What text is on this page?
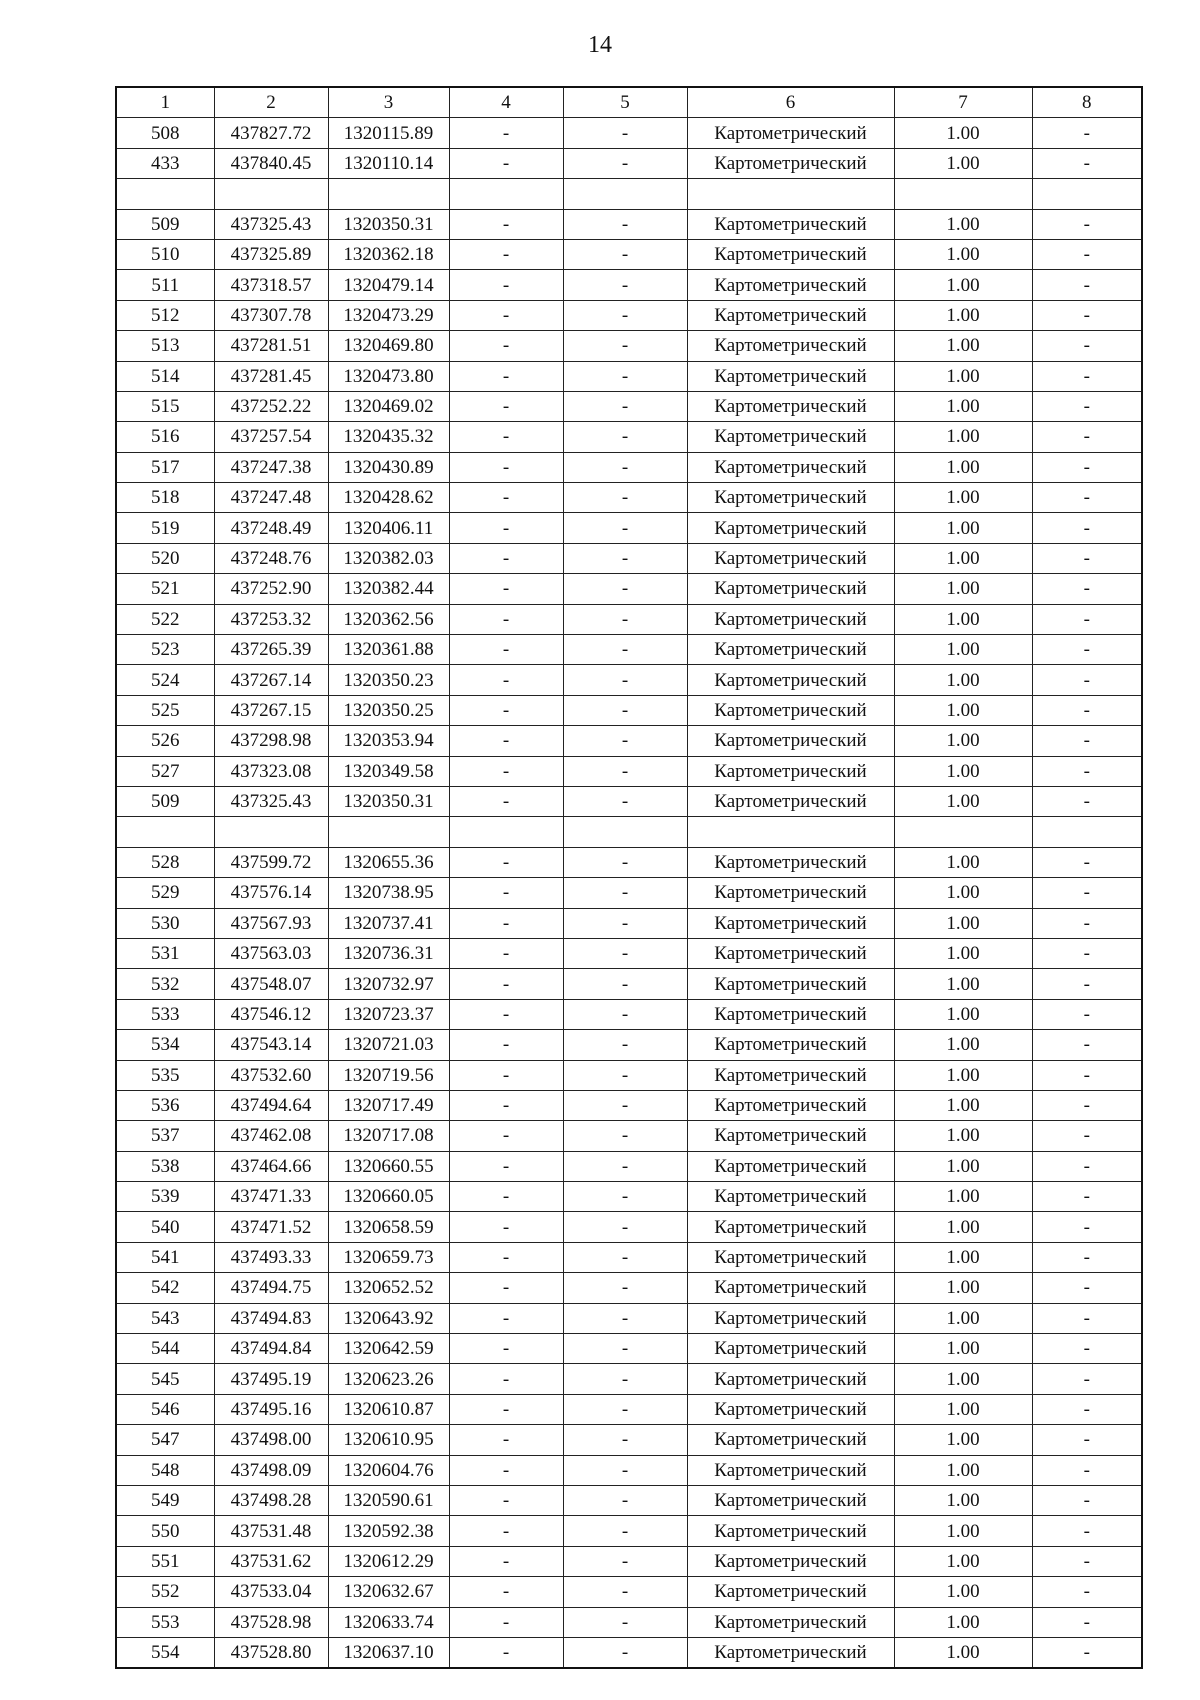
14
1	2	3	4	5	6	7	8
508	437827.72	1320115.89	-	-	Картометрический	1.00	-
433	437840.45	1320110.14	-	-	Картометрический	1.00	-

509	437325.43	1320350.31	-	-	Картометрический	1.00	-
510	437325.89	1320362.18	-	-	Картометрический	1.00	-
511	437318.57	1320479.14	-	-	Картометрический	1.00	-
512	437307.78	1320473.29	-	-	Картометрический	1.00	-
513	437281.51	1320469.80	-	-	Картометрический	1.00	-
514	437281.45	1320473.80	-	-	Картометрический	1.00	-
515	437252.22	1320469.02	-	-	Картометрический	1.00	-
516	437257.54	1320435.32	-	-	Картометрический	1.00	-
517	437247.38	1320430.89	-	-	Картометрический	1.00	-
518	437247.48	1320428.62	-	-	Картометрический	1.00	-
519	437248.49	1320406.11	-	-	Картометрический	1.00	-
520	437248.76	1320382.03	-	-	Картометрический	1.00	-
521	437252.90	1320382.44	-	-	Картометрический	1.00	-
522	437253.32	1320362.56	-	-	Картометрический	1.00	-
523	437265.39	1320361.88	-	-	Картометрический	1.00	-
524	437267.14	1320350.23	-	-	Картометрический	1.00	-
525	437267.15	1320350.25	-	-	Картометрический	1.00	-
526	437298.98	1320353.94	-	-	Картометрический	1.00	-
527	437323.08	1320349.58	-	-	Картометрический	1.00	-
509	437325.43	1320350.31	-	-	Картометрический	1.00	-

528	437599.72	1320655.36	-	-	Картометрический	1.00	-
529	437576.14	1320738.95	-	-	Картометрический	1.00	-
530	437567.93	1320737.41	-	-	Картометрический	1.00	-
531	437563.03	1320736.31	-	-	Картометрический	1.00	-
532	437548.07	1320732.97	-	-	Картометрический	1.00	-
533	437546.12	1320723.37	-	-	Картометрический	1.00	-
534	437543.14	1320721.03	-	-	Картометрический	1.00	-
535	437532.60	1320719.56	-	-	Картометрический	1.00	-
536	437494.64	1320717.49	-	-	Картометрический	1.00	-
537	437462.08	1320717.08	-	-	Картометрический	1.00	-
538	437464.66	1320660.55	-	-	Картометрический	1.00	-
539	437471.33	1320660.05	-	-	Картометрический	1.00	-
540	437471.52	1320658.59	-	-	Картометрический	1.00	-
541	437493.33	1320659.73	-	-	Картометрический	1.00	-
542	437494.75	1320652.52	-	-	Картометрический	1.00	-
543	437494.83	1320643.92	-	-	Картометрический	1.00	-
544	437494.84	1320642.59	-	-	Картометрический	1.00	-
545	437495.19	1320623.26	-	-	Картометрический	1.00	-
546	437495.16	1320610.87	-	-	Картометрический	1.00	-
547	437498.00	1320610.95	-	-	Картометрический	1.00	-
548	437498.09	1320604.76	-	-	Картометрический	1.00	-
549	437498.28	1320590.61	-	-	Картометрический	1.00	-
550	437531.48	1320592.38	-	-	Картометрический	1.00	-
551	437531.62	1320612.29	-	-	Картометрический	1.00	-
552	437533.04	1320632.67	-	-	Картометрический	1.00	-
553	437528.98	1320633.74	-	-	Картометрический	1.00	-
554	437528.80	1320637.10	-	-	Картометрический	1.00	-
